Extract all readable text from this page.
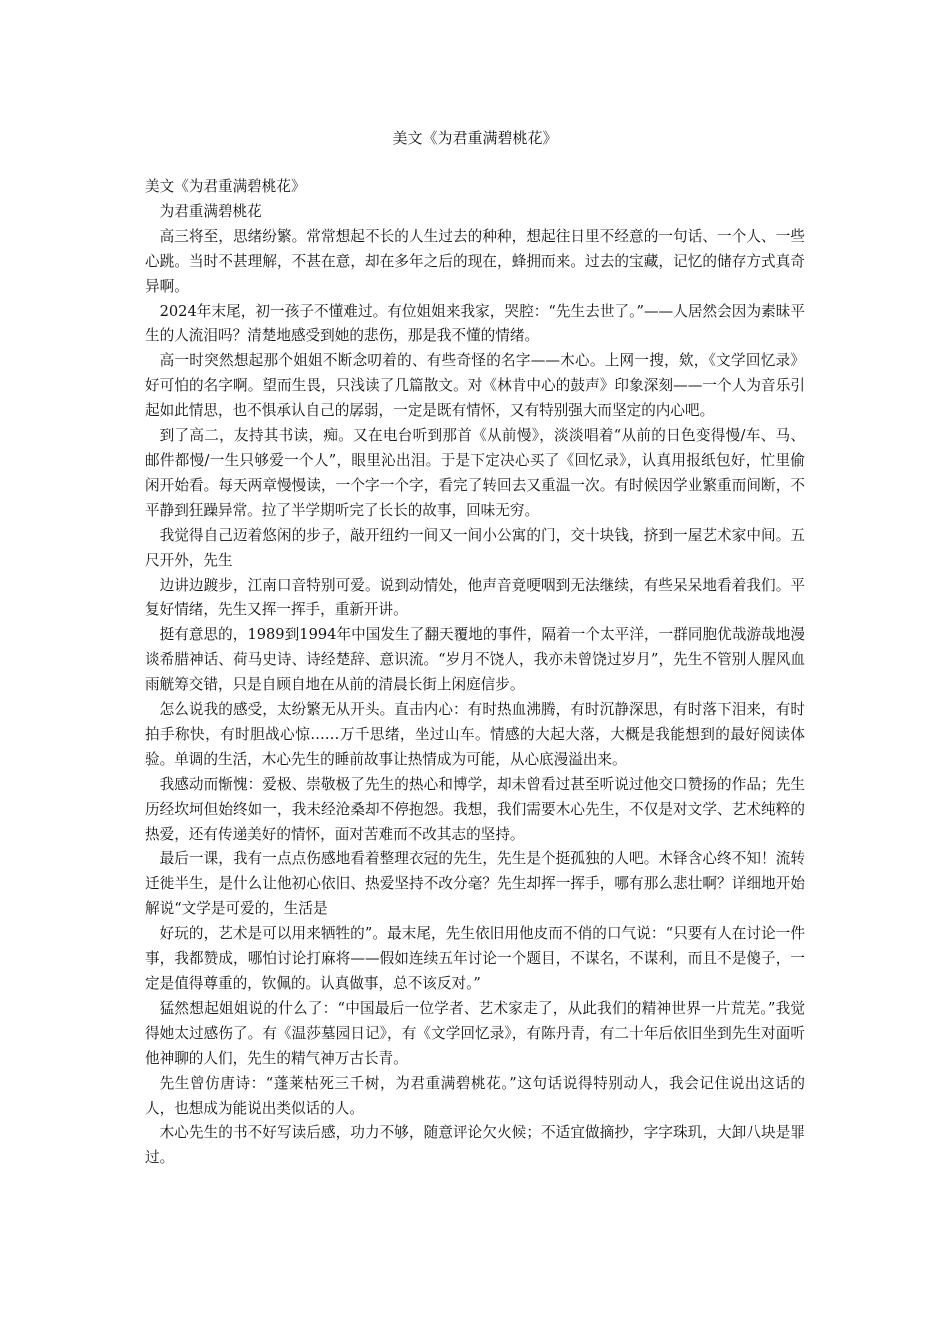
美文《为君重满碧桃花》

美文《为君重满碧桃花》

为君重满碧桃花

高三将至，思绪纷繁。常常想起不长的人生过去的种种，想起往日里不经意的一句话、一个人、一些心跳。当时不甚理解，不甚在意，却在多年之后的现在，蜂拥而来。过去的宝藏，记忆的储存方式真奇异啊。

2024年末尾，初一孩子不懂难过。有位姐姐来我家，哭腔：“先生去世了。”——人居然会因为素昧平生的人流泪吗？清楚地感受到她的悲伤，那是我不懂的情绪。

高一时突然想起那个姐姐不断念叨着的、有些奇怪的名字——木心。上网一搜，欸，《文学回忆录》好可怕的名字啊。望而生畏，只浅读了几篇散文。对《林肯中心的鼓声》印象深刻——一个人为音乐引起如此情思，也不惧承认自己的孱弱，一定是既有情怀，又有特别强大而坚定的内心吧。

到了高二，友持其书读，痴。又在电台听到那首《从前慢》，淡淡唱着“从前的日色变得慢/车、马、邮件都慢/一生只够爱一个人”，眼里沁出泪。于是下定决心买了《回忆录》，认真用报纸包好，忙里偷闲开始看。每天两章慢慢读，一个字一个字，看完了转回去又重温一次。有时候因学业繁重而间断，不平静到狂躁异常。拉了半学期听完了长长的故事，回味无穷。

我觉得自己迈着悠闲的步子，敲开纽约一间又一间小公寓的门，交十块钱，挤到一屋艺术家中间。五尺开外，先生

边讲边踱步，江南口音特别可爱。说到动情处，他声音竟哽咽到无法继续，有些呆呆地看着我们。平复好情绪，先生又挥一挥手，重新开讲。

挺有意思的，1989到1994年中国发生了翻天覆地的事件，隔着一个太平洋，一群同胞优哉游哉地漫谈希腊神话、荷马史诗、诗经楚辞、意识流。“岁月不饶人，我亦未曾饶过岁月”，先生不管别人腥风血雨觥筹交错，只是自顾自地在从前的清晨长街上闲庭信步。

怎么说我的感受，太纷繁无从开头。直击内心：有时热血沸腾，有时沉静深思，有时落下泪来，有时拍手称快，有时胆战心惊……万千思绪，坐过山车。情感的大起大落，大概是我能想到的最好阅读体验。单调的生活，木心先生的睡前故事让热情成为可能，从心底漫溢出来。

我感动而惭愧：爱极、崇敬极了先生的热心和博学，却未曾看过甚至听说过他交口赞扬的作品；先生历经坎坷但始终如一，我未经沧桑却不停抱怨。我想，我们需要木心先生，不仅是对文学、艺术纯粹的热爱，还有传递美好的情怀，面对苦难而不改其志的坚持。

最后一课，我有一点点伤感地看着整理衣冠的先生，先生是个挺孤独的人吧。木铎含心终不知！流转迁徙半生，是什么让他初心依旧、热爱坚持不改分毫？先生却挥一挥手，哪有那么悲壮啊？详细地开始解说“文学是可爱的，生活是

好玩的，艺术是可以用来牺牲的”。最末尾，先生依旧用他皮而不俏的口气说：“只要有人在讨论一件事，我都赞成，哪怕讨论打麻将——假如连续五年讨论一个题目，不谋名，不谋利，而且不是傻子，一定是值得尊重的，钦佩的。认真做事，总不该反对。”

猛然想起姐姐说的什么了：“中国最后一位学者、艺术家走了，从此我们的精神世界一片荒芜。”我觉得她太过感伤了。有《温莎墓园日记》，有《文学回忆录》，有陈丹青，有二十年后依旧坐到先生对面听他神聊的人们，先生的精气神万古长青。

先生曾仿唐诗：“蓬莱枯死三千树，为君重满碧桃花。”这句话说得特别动人，我会记住说出这话的人，也想成为能说出类似话的人。

木心先生的书不好写读后感，功力不够，随意评论欠火候；不适宜做摘抄，字字珠玑，大卸八块是罪过。
